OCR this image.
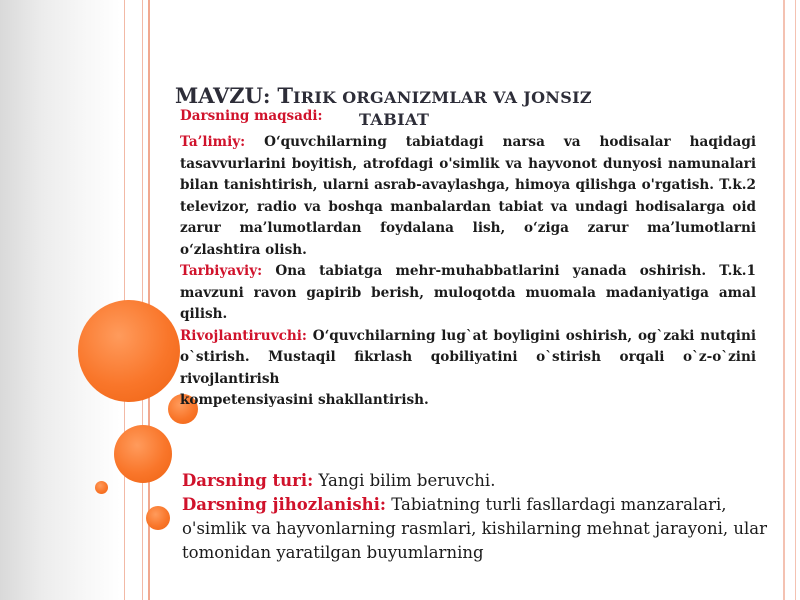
MAVZU: TIRIK ORGANIZMLAR VA JONSIZ
TABIAT
Darsning maqsadi:

Ta’limiy: O‘quvchilarning tabiatdagi narsa va hodisalar haqidagi tasavvurlarini boyitish, atrofdagi o'simlik va hayvonot dunyosi namunalari bilan tanishtirish, ularni asrab-avaylashga, himoya qilishga o'rgatish. T.k.2 televizor, radio va boshqa manbalardan tabiat va undagi hodisalarga oid zarur ma’lumotlardan foydalana lish, o‘ziga zarur ma’lumotlarni o‘zlashtira olish.

Tarbiyaviy: Ona tabiatga mehr-muhabbatlarini yanada oshirish. T.k.1 mavzuni ravon gapirib berish, muloqotda muomala madaniyatiga amal qilish.

Rivojlantiruvchi: O‘quvchilarning lug`at boyligini oshirish, og`zaki nutqini o`stirish. Mustaqil fikrlash qobiliyatini o`stirish orqali o`z-o`zini rivojlantirish

kompetensiyasini shakllantirish.

Darsning turi: Yangi bilim beruvchi.

Darsning jihozlanishi: Tabiatning turli fasllardagi manzaralari, o'simlik va hayvonlarning rasmlari, kishilarning mehnat jarayoni, ular tomonidan yaratilgan buyumlarning
